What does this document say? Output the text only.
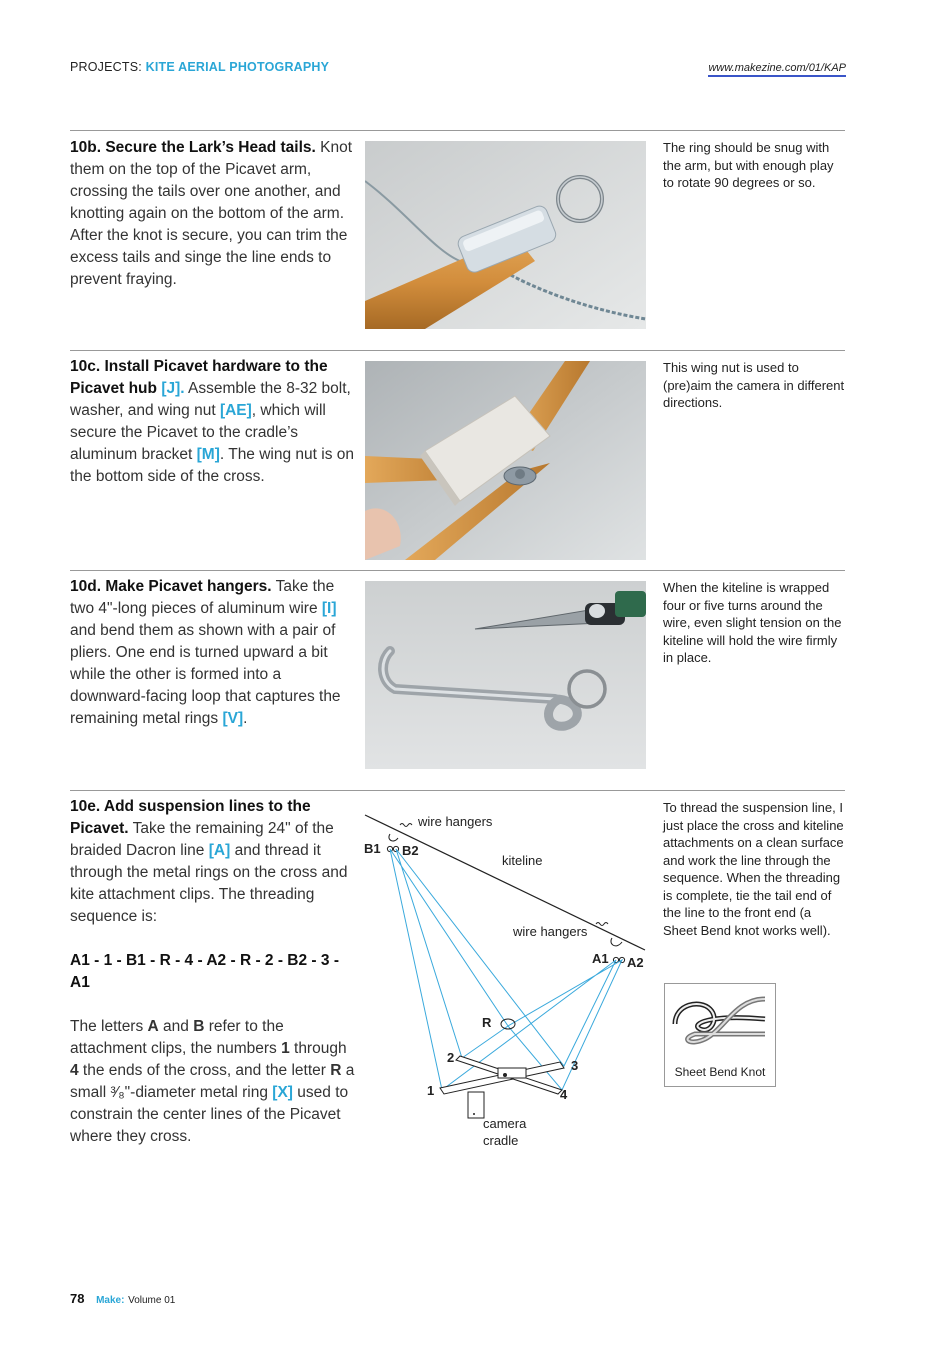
PROJECTS: KITE AERIAL PHOTOGRAPHY	www.makezine.com/01/KAP

10b. Secure the Lark’s Head tails. Knot them on the top of the Picavet arm, crossing the tails over one another, and knotting again on the bottom of the arm. After the knot is secure, you can trim the excess tails and singe the line ends to prevent fraying.

The ring should be snug with the arm, but with enough play to rotate 90 degrees or so.

10c. Install Picavet hardware to the Picavet hub [J]. Assemble the 8-32 bolt, washer, and wing nut [AE], which will secure the Picavet to the cradle’s aluminum bracket [M]. The wing nut is on the bottom side of the cross.

This wing nut is used to (pre)aim the camera in different directions.

10d. Make Picavet hangers. Take the two 4"-long pieces of aluminum wire [I] and bend them as shown with a pair of pliers. One end is turned upward a bit while the other is formed into a downward-facing loop that captures the remaining metal rings [V].

When the kiteline is wrapped four or five turns around the wire, even slight tension on the kiteline will hold the wire firmly in place.

10e. Add suspension lines to the Picavet. Take the remaining 24" of the braided Dacron line [A] and thread it through the metal rings on the cross and kite attachment clips. The threading sequence is:

A1 - 1 - B1 - R - 4 - A2 - R - 2 - B2 - 3 - A1

The letters A and B refer to the attachment clips, the numbers 1 through 4 the ends of the cross, and the letter R a small ³⁄₈"-diameter metal ring [X] used to constrain the center lines of the Picavet where they cross.

wire hangers
B1 B2
kiteline
wire hangers
A1 A2
R
2
3
1	4
camera
cradle
To thread the suspension line, I just place the cross and kiteline attachments on a clean surface and work the line through the sequence. When the threading is complete, tie the tail end of the line to the front end (a Sheet Bend knot works well).
Sheet Bend Knot
78 Make: Volume 01
